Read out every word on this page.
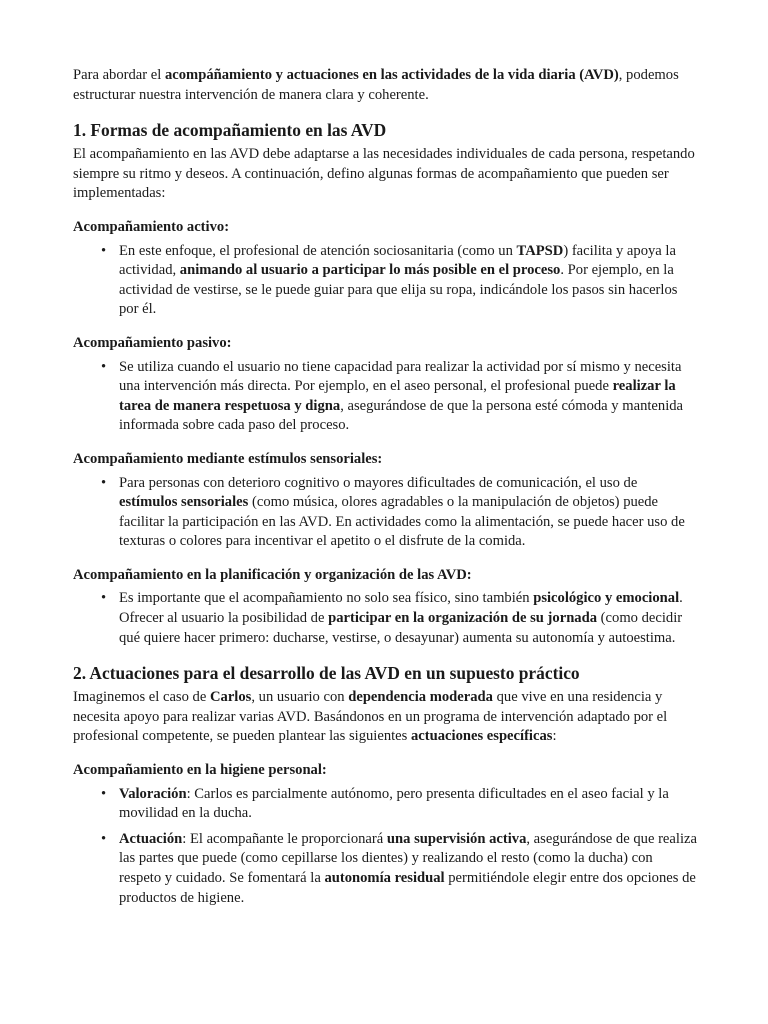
Para abordar el acompáñamiento y actuaciones en las actividades de la vida diaria (AVD), podemos estructurar nuestra intervención de manera clara y coherente.

1. Formas de acompañamiento en las AVD

El acompañamiento en las AVD debe adaptarse a las necesidades individuales de cada persona, respetando siempre su ritmo y deseos. A continuación, defino algunas formas de acompañamiento que pueden ser implementadas:

Acompañamiento activo:

• En este enfoque, el profesional de atención sociosanitaria (como un TAPSD) facilita y apoya la actividad, animando al usuario a participar lo más posible en el proceso. Por ejemplo, en la actividad de vestirse, se le puede guiar para que elija su ropa, indicándole los pasos sin hacerlos por él.

Acompañamiento pasivo:

• Se utiliza cuando el usuario no tiene capacidad para realizar la actividad por sí mismo y necesita una intervención más directa. Por ejemplo, en el aseo personal, el profesional puede realizar la tarea de manera respetuosa y digna, asegurándose de que la persona esté cómoda y mantenida informada sobre cada paso del proceso.

Acompañamiento mediante estímulos sensoriales:

• Para personas con deterioro cognitivo o mayores dificultades de comunicación, el uso de estímulos sensoriales (como música, olores agradables o la manipulación de objetos) puede facilitar la participación en las AVD. En actividades como la alimentación, se puede hacer uso de texturas o colores para incentivar el apetito o el disfrute de la comida.

Acompañamiento en la planificación y organización de las AVD:

• Es importante que el acompañamiento no solo sea físico, sino también psicológico y emocional. Ofrecer al usuario la posibilidad de participar en la organización de su jornada (como decidir qué quiere hacer primero: ducharse, vestirse, o desayunar) aumenta su autonomía y autoestima.
2. Actuaciones para el desarrollo de las AVD en un supuesto práctico

Imaginemos el caso de Carlos, un usuario con dependencia moderada que vive en una residencia y necesita apoyo para realizar varias AVD. Basándonos en un programa de intervención adaptado por el profesional competente, se pueden plantear las siguientes actuaciones específicas:

Acompañamiento en la higiene personal:

• Valoración: Carlos es parcialmente autónomo, pero presenta dificultades en el aseo facial y la movilidad en la ducha.
• Actuación: El acompañante le proporcionará una supervisión activa, asegurándose de que realiza las partes que puede (como cepillarse los dientes) y realizando el resto (como la ducha) con respeto y cuidado. Se fomentará la autonomía residual permitiéndole elegir entre dos opciones de productos de higiene.
